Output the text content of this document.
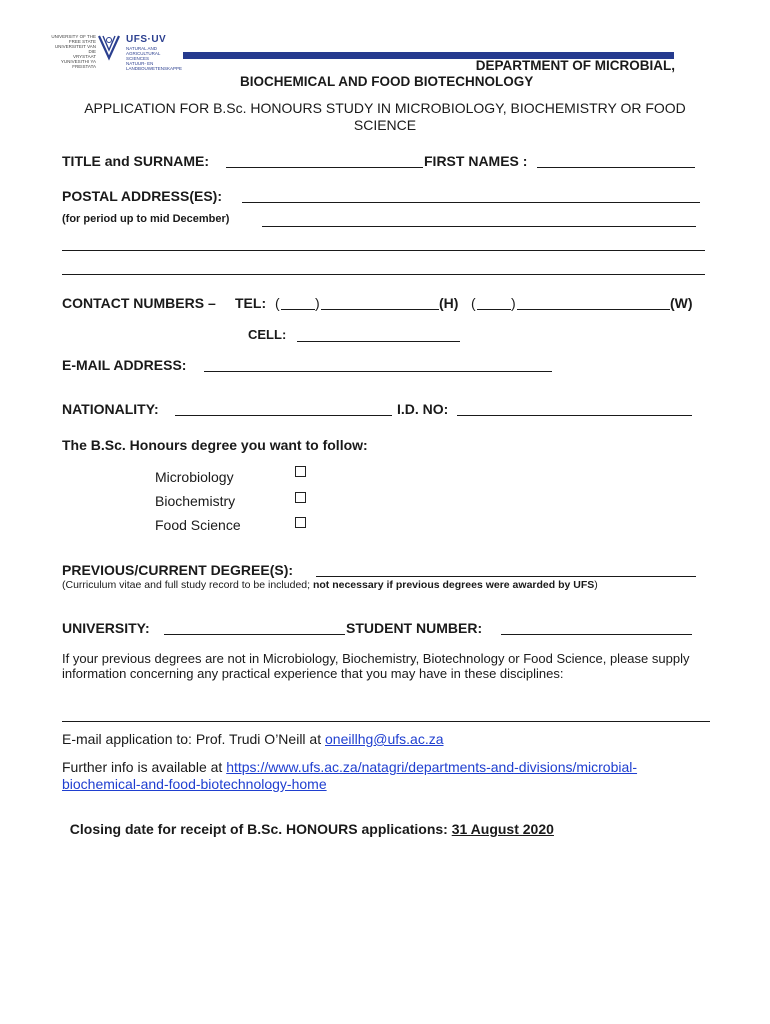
UNIVERSITY OF THE
FREE STATE
UNIVERSITEIT VAN DIE
VRYSTAAT
YUNIVESITHI YA
FREISTATA
UFS·UV
NATURAL AND
AGRICULTURAL SCIENCES
NATUUR- EN
LANDBOUWETENSKAPPE	DEPARTMENT OF MICROBIAL,
BIOCHEMICAL AND FOOD BIOTECHNOLOGY
APPLICATION FOR B.Sc. HONOURS STUDY IN MICROBIOLOGY, BIOCHEMISTRY OR FOOD SCIENCE
TITLE and SURNAME:	FIRST NAMES :
POSTAL ADDRESS(ES):
(for period up to mid December)
CONTACT NUMBERS – TEL: (	)	(H) (	)	(W)
CELL:
E-MAIL ADDRESS:
NATIONALITY:	I.D. NO:
The B.Sc. Honours degree you want to follow:
Microbiology
Biochemistry
Food Science
PREVIOUS/CURRENT DEGREE(S):
(Curriculum vitae and full study record to be included; not necessary if previous degrees were awarded by UFS)
UNIVERSITY:	STUDENT NUMBER:
If your previous degrees are not in Microbiology, Biochemistry, Biotechnology or Food Science, please supply information concerning any practical experience that you may have in these disciplines:
E-mail application to: Prof. Trudi O’Neill at oneillhg@ufs.ac.za
Further info is available at https://www.ufs.ac.za/natagri/departments-and-divisions/microbial-
biochemical-and-food-biotechnology-home

Closing date for receipt of B.Sc. HONOURS applications: 31 August 2020
